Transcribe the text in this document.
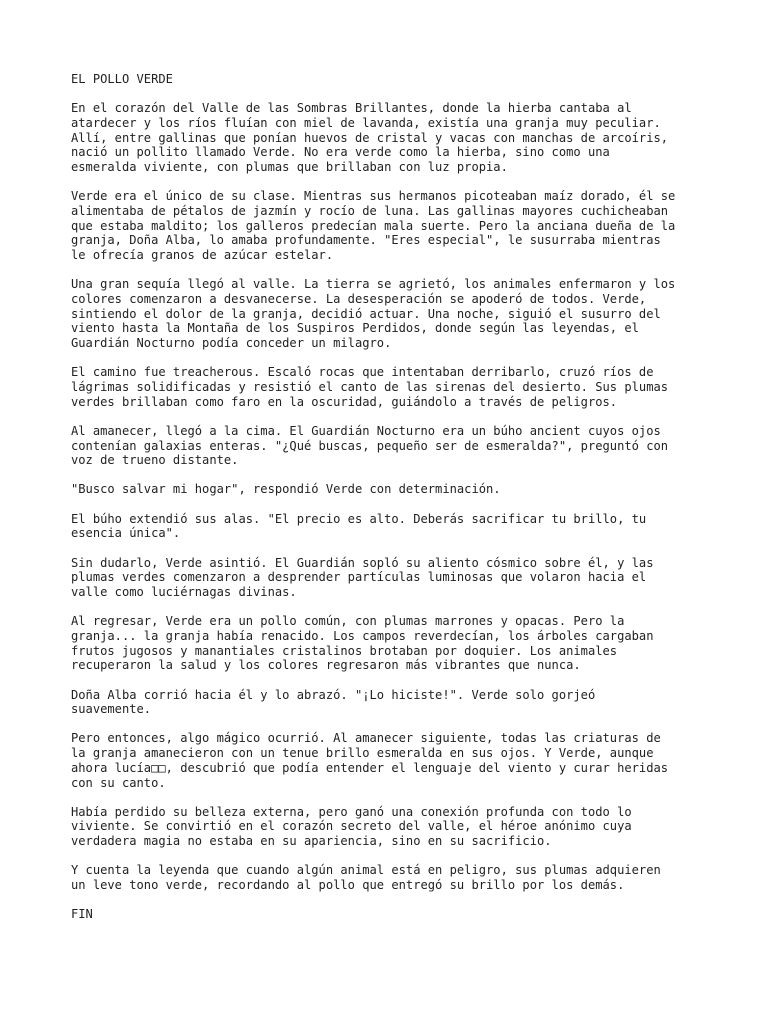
EL POLLO VERDE

En el corazón del Valle de las Sombras Brillantes, donde la hierba cantaba al
atardecer y los ríos fluían con miel de lavanda, existía una granja muy peculiar.
Allí, entre gallinas que ponían huevos de cristal y vacas con manchas de arcoíris,
nació un pollito llamado Verde. No era verde como la hierba, sino como una
esmeralda viviente, con plumas que brillaban con luz propia.

Verde era el único de su clase. Mientras sus hermanos picoteaban maíz dorado, él se
alimentaba de pétalos de jazmín y rocío de luna. Las gallinas mayores cuchicheaban
que estaba maldito; los galleros predecían mala suerte. Pero la anciana dueña de la
granja, Doña Alba, lo amaba profundamente. "Eres especial", le susurraba mientras
le ofrecía granos de azúcar estelar.

Una gran sequía llegó al valle. La tierra se agrietó, los animales enfermaron y los
colores comenzaron a desvanecerse. La desesperación se apoderó de todos. Verde,
sintiendo el dolor de la granja, decidió actuar. Una noche, siguió el susurro del
viento hasta la Montaña de los Suspiros Perdidos, donde según las leyendas, el
Guardián Nocturno podía conceder un milagro.

El camino fue treacherous. Escaló rocas que intentaban derribarlo, cruzó ríos de
lágrimas solidificadas y resistió el canto de las sirenas del desierto. Sus plumas
verdes brillaban como faro en la oscuridad, guiándolo a través de peligros.

Al amanecer, llegó a la cima. El Guardián Nocturno era un búho ancient cuyos ojos
contenían galaxias enteras. "¿Qué buscas, pequeño ser de esmeralda?", preguntó con
voz de trueno distante.

"Busco salvar mi hogar", respondió Verde con determinación.

El búho extendió sus alas. "El precio es alto. Deberás sacrificar tu brillo, tu
esencia única".

Sin dudarlo, Verde asintió. El Guardián sopló su aliento cósmico sobre él, y las
plumas verdes comenzaron a desprender partículas luminosas que volaron hacia el
valle como luciérnagas divinas.

Al regresar, Verde era un pollo común, con plumas marrones y opacas. Pero la
granja... la granja había renacido. Los campos reverdecían, los árboles cargaban
frutos jugosos y manantiales cristalinos brotaban por doquier. Los animales
recuperaron la salud y los colores regresaron más vibrantes que nunca.

Doña Alba corrió hacia él y lo abrazó. "¡Lo hiciste!". Verde solo gorjeó
suavemente.

Pero entonces, algo mágico ocurrió. Al amanecer siguiente, todas las criaturas de
la granja amanecieron con un tenue brillo esmeralda en sus ojos. Y Verde, aunque
ahora lucía□□, descubrió que podía entender el lenguaje del viento y curar heridas
con su canto.

Había perdido su belleza externa, pero ganó una conexión profunda con todo lo
viviente. Se convirtió en el corazón secreto del valle, el héroe anónimo cuya
verdadera magia no estaba en su apariencia, sino en su sacrificio.

Y cuenta la leyenda que cuando algún animal está en peligro, sus plumas adquieren
un leve tono verde, recordando al pollo que entregó su brillo por los demás.

FIN
